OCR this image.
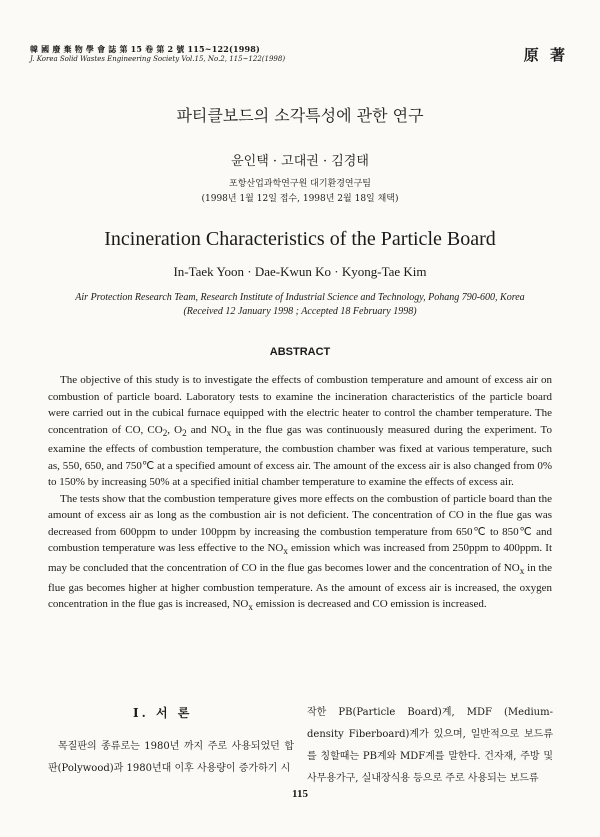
韓 國 廢 棄 物 學 會 誌 第 15 卷 第 2 號 115~122(1998)
J. Korea Solid Wastes Engineering Society Vol.15, No.2, 115~122(1998)	原 著
파티클보드의 소각특성에 관한 연구
윤인택 · 고대권 · 김경태
포항산업과학연구원 대기환경연구팀
(1998년 1월 12일 접수, 1998년 2월 18일 채택)
Incineration Characteristics of the Particle Board
In-Taek Yoon · Dae-Kwun Ko · Kyong-Tae Kim
Air Protection Research Team, Research Institute of Industrial Science and Technology, Pohang 790-600, Korea
(Received 12 January 1998 ; Accepted 18 February 1998)
ABSTRACT

The objective of this study is to investigate the effects of combustion temperature and amount of excess air on combustion of particle board. Laboratory tests to examine the incineration characteristics of the particle board were carried out in the cubical furnace equipped with the electric heater to control the chamber temperature. The concentration of CO, $CO_2$, $O_2$ and $NO_x$ in the flue gas was continuously measured during the experiment. To examine the effects of combustion temperature, the combustion chamber was fixed at various temperature, such as, 550, 650, and 750℃ at a specified amount of excess air. The amount of the excess air is also changed from 0% to 150% by increasing 50% at a specified initial chamber temperature to examine the effects of excess air.

The tests show that the combustion temperature gives more effects on the combustion of particle board than the amount of excess air as long as the combustion air is not deficient. The concentration of CO in the flue gas was decreased from 600ppm to under 100ppm by increasing the combustion temperature from 650℃ to 850℃ and combustion temperature was less effective to the $NO_x$ emission which was increased from 250ppm to 400ppm. It may be concluded that the concentration of CO in the flue gas becomes lower and the concentration of $NO_x$ in the flue gas becomes higher at higher combustion temperature. As the amount of excess air is increased, the oxygen concentration in the flue gas is increased, $NO_x$ emission is decreased and CO emission is increased.

I. 서 론
목질판의 종류로는 1980년 까지 주로 사용되었던 합판(Polywood)과 1980년대 이후 사용량이 증가하기 시
작한 PB(Particle Board)계, MDF (Medium-density Fiberboard)계가 있으며, 일반적으로 보드류를 칭할때는 PB계와 MDF계를 말한다. 건자재, 주방 및 사무용가구, 실내장식용 등으로 주로 사용되는 보드류
115
